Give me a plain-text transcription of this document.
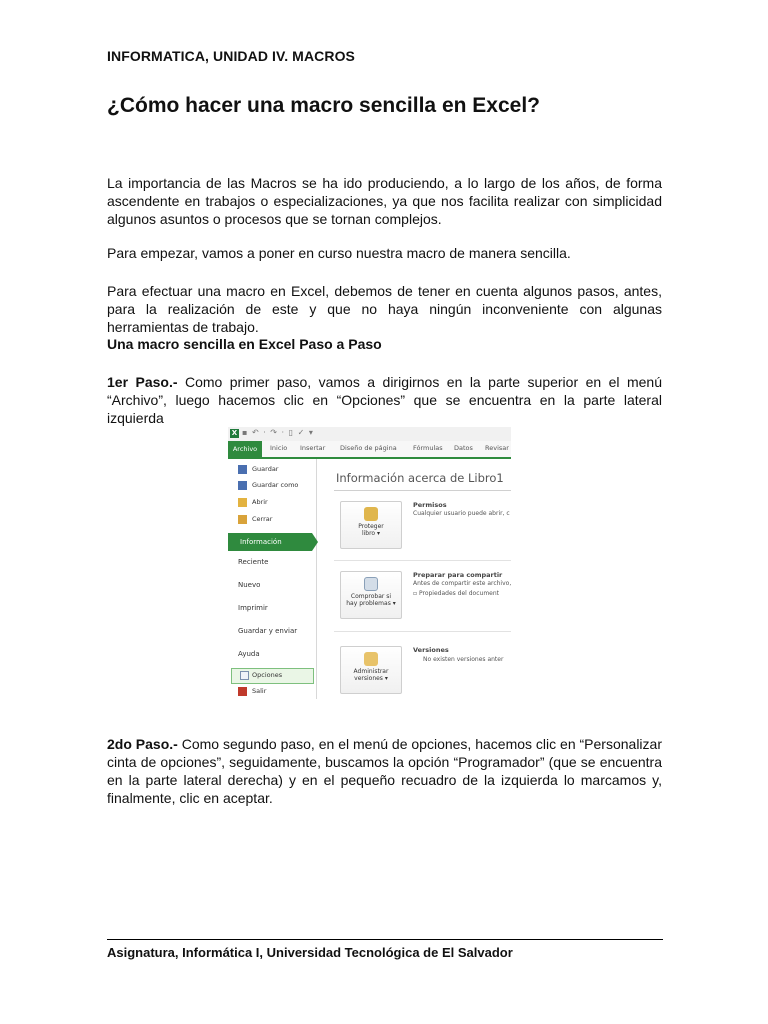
INFORMATICA, UNIDAD IV. MACROS
¿Cómo hacer una macro sencilla en Excel?

La importancia de las Macros se ha ido produciendo, a lo largo de los años, de forma ascendente en trabajos o especializaciones, ya que nos facilita realizar con simplicidad algunos asuntos o procesos que se tornan complejos.

Para empezar, vamos a poner en curso nuestra macro de manera sencilla.

Para efectuar una macro en Excel, debemos de tener en cuenta algunos pasos, antes, para la realización de este y que no haya ningún inconveniente con algunas herramientas de trabajo.

Una macro sencilla en Excel Paso a Paso

1er Paso.- Como primer paso, vamos a dirigirnos en la parte superior en el menú “Archivo”, luego hacemos clic en “Opciones” que se encuentra en la parte lateral izquierda

X ▪ ↶ · ↷ · ▯ ✓ ▾
Archivo	Inicio Insertar Diseño de página	Fórmulas Datos Revisar
Guardar
Guardar como
Abrir
Cerrar
Información
Reciente
Nuevo
Imprimir
Guardar y enviar
Ayuda
Opciones
Salir
Información acerca de Libro1
Proteger
libro ▾
Permisos
Cualquier usuario puede abrir, c
Comprobar si
hay problemas ▾
Preparar para compartir
Antes de compartir este archivo,
▫ Propiedades del document
Administrar
versiones ▾
Versiones
No existen versiones anter

2do Paso.- Como segundo paso, en el menú de opciones, hacemos clic en “Personalizar cinta de opciones”, seguidamente, buscamos la opción “Programador” (que se encuentra en la parte lateral derecha) y en el pequeño recuadro de la izquierda lo marcamos y, finalmente, clic en aceptar.

Asignatura, Informática I, Universidad Tecnológica de El Salvador
